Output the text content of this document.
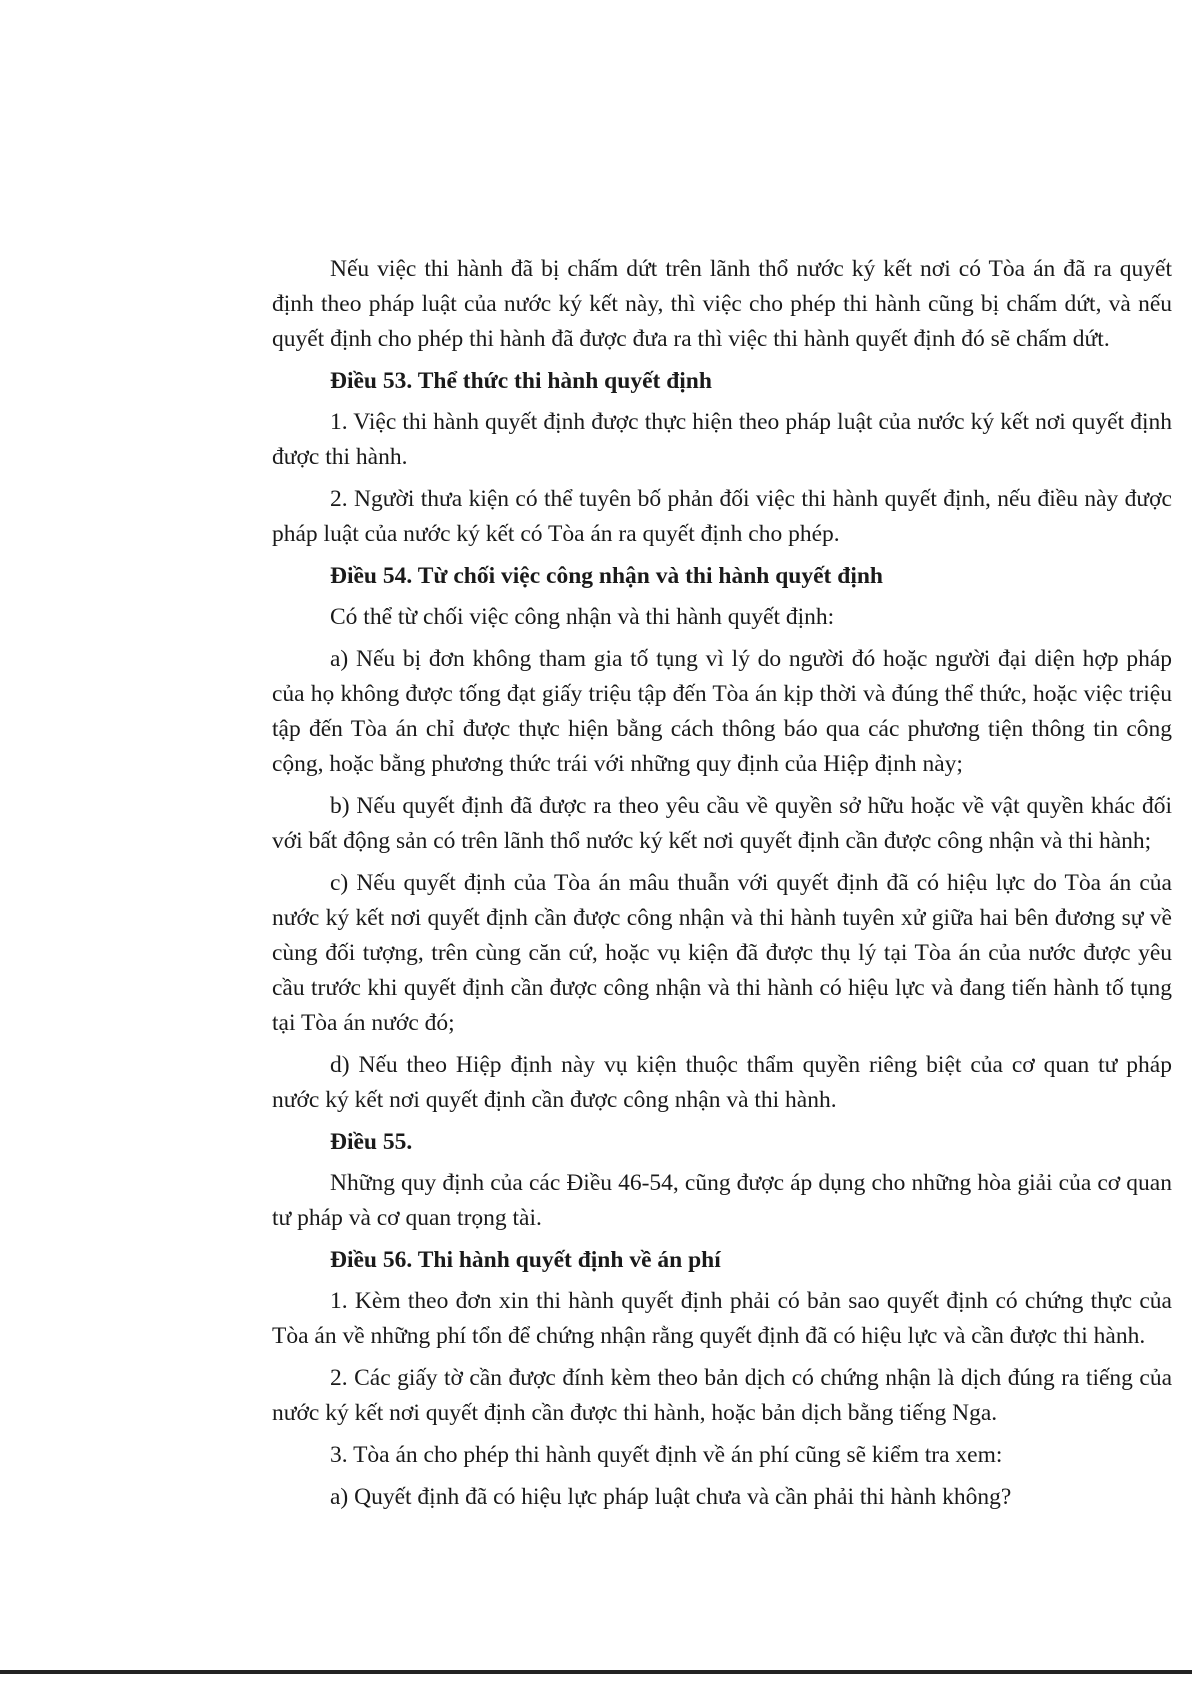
Nếu việc thi hành đã bị chấm dứt trên lãnh thổ nước ký kết nơi có Tòa án đã ra quyết định theo pháp luật của nước ký kết này, thì việc cho phép thi hành cũng bị chấm dứt, và nếu quyết định cho phép thi hành đã được đưa ra thì việc thi hành quyết định đó sẽ chấm dứt.

Điều 53. Thể thức thi hành quyết định

1. Việc thi hành quyết định được thực hiện theo pháp luật của nước ký kết nơi quyết định được thi hành.

2. Người thưa kiện có thể tuyên bố phản đối việc thi hành quyết định, nếu điều này được pháp luật của nước ký kết có Tòa án ra quyết định cho phép.

Điều 54. Từ chối việc công nhận và thi hành quyết định

Có thể từ chối việc công nhận và thi hành quyết định:

a) Nếu bị đơn không tham gia tố tụng vì lý do người đó hoặc người đại diện hợp pháp của họ không được tống đạt giấy triệu tập đến Tòa án kịp thời và đúng thể thức, hoặc việc triệu tập đến Tòa án chỉ được thực hiện bằng cách thông báo qua các phương tiện thông tin công cộng, hoặc bằng phương thức trái với những quy định của Hiệp định này;

b) Nếu quyết định đã được ra theo yêu cầu về quyền sở hữu hoặc về vật quyền khác đối với bất động sản có trên lãnh thổ nước ký kết nơi quyết định cần được công nhận và thi hành;

c) Nếu quyết định của Tòa án mâu thuẫn với quyết định đã có hiệu lực do Tòa án của nước ký kết nơi quyết định cần được công nhận và thi hành tuyên xử giữa hai bên đương sự về cùng đối tượng, trên cùng căn cứ, hoặc vụ kiện đã được thụ lý tại Tòa án của nước được yêu cầu trước khi quyết định cần được công nhận và thi hành có hiệu lực và đang tiến hành tố tụng tại Tòa án nước đó;

d) Nếu theo Hiệp định này vụ kiện thuộc thẩm quyền riêng biệt của cơ quan tư pháp nước ký kết nơi quyết định cần được công nhận và thi hành.

Điều 55.

Những quy định của các Điều 46-54, cũng được áp dụng cho những hòa giải của cơ quan tư pháp và cơ quan trọng tài.

Điều 56. Thi hành quyết định về án phí

1. Kèm theo đơn xin thi hành quyết định phải có bản sao quyết định có chứng thực của Tòa án về những phí tổn để chứng nhận rằng quyết định đã có hiệu lực và cần được thi hành.

2. Các giấy tờ cần được đính kèm theo bản dịch có chứng nhận là dịch đúng ra tiếng của nước ký kết nơi quyết định cần được thi hành, hoặc bản dịch bằng tiếng Nga.

3. Tòa án cho phép thi hành quyết định về án phí cũng sẽ kiểm tra xem:

a) Quyết định đã có hiệu lực pháp luật chưa và cần phải thi hành không?
